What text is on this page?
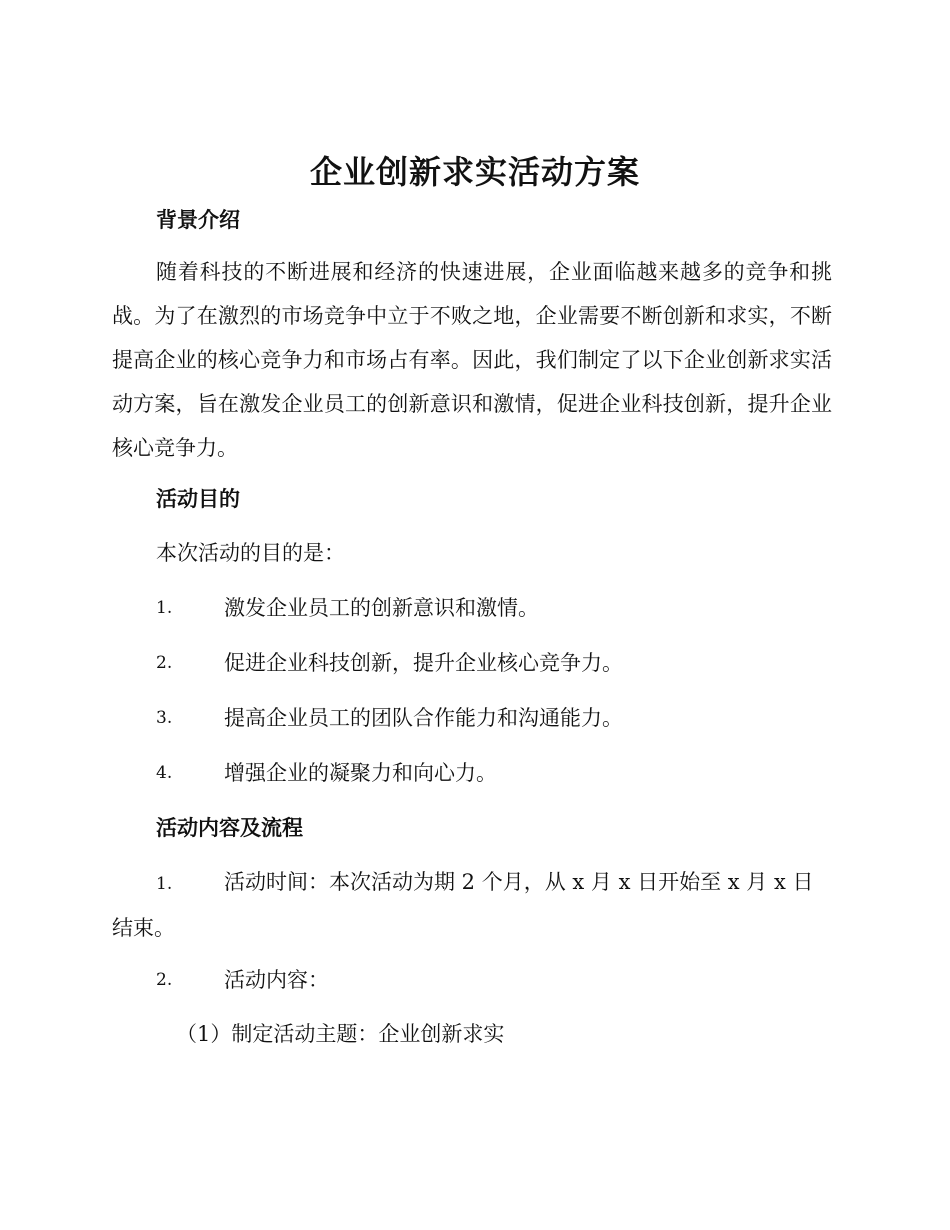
企业创新求实活动方案
背景介绍
随着科技的不断进展和经济的快速进展，企业面临越来越多的竞争和挑战。为了在激烈的市场竞争中立于不败之地，企业需要不断创新和求实，不断提高企业的核心竞争力和市场占有率。因此，我们制定了以下企业创新求实活动方案，旨在激发企业员工的创新意识和激情，促进企业科技创新，提升企业核心竞争力。
活动目的
本次活动的目的是：
1. 激发企业员工的创新意识和激情。
2. 促进企业科技创新，提升企业核心竞争力。
3. 提高企业员工的团队合作能力和沟通能力。
4. 增强企业的凝聚力和向心力。
活动内容及流程
1. 活动时间：本次活动为期 2 个月，从 x 月 x 日开始至 x 月 x 日结束。
2. 活动内容：
（1）制定活动主题：企业创新求实
